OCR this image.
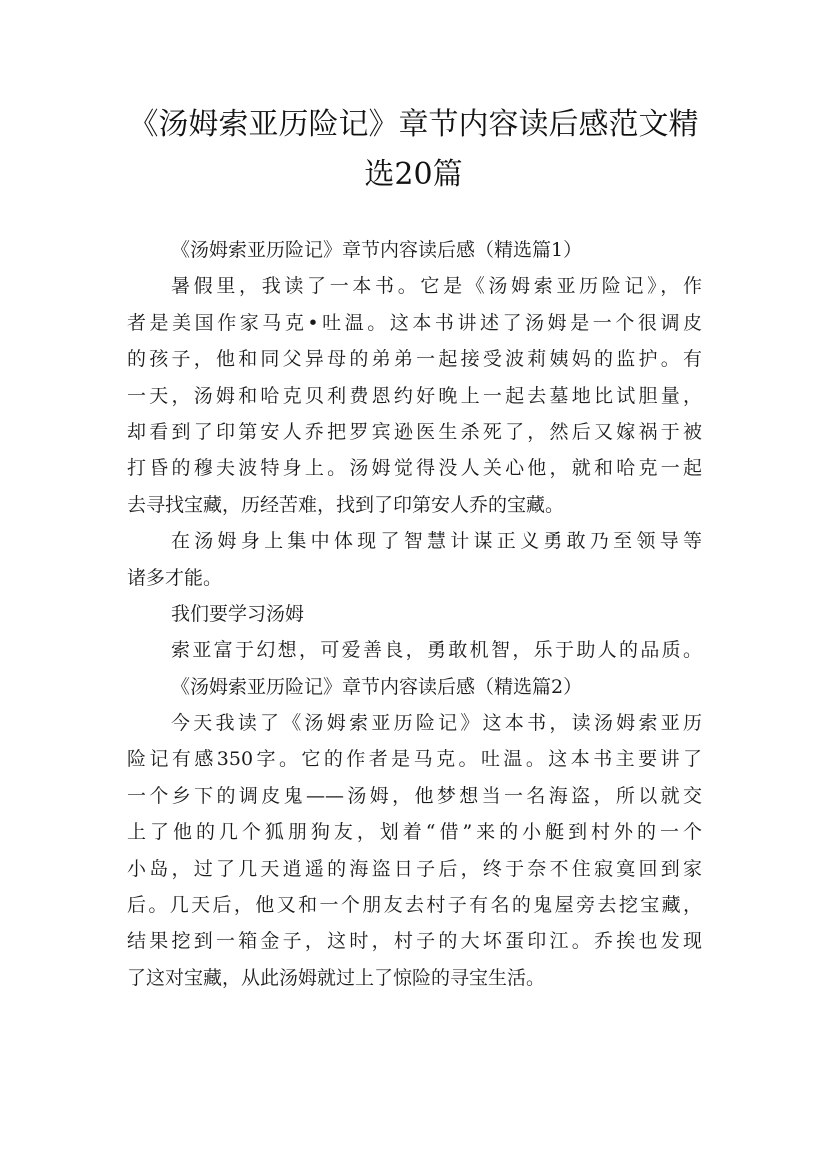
《汤姆索亚历险记》章节内容读后感范文精
选20篇
《汤姆索亚历险记》章节内容读后感（精选篇1）
暑假里，我读了一本书。它是《汤姆索亚历险记》，作
者是美国作家马克•吐温。这本书讲述了汤姆是一个很调皮
的孩子，他和同父异母的弟弟一起接受波莉姨妈的监护。有
一天，汤姆和哈克贝利费恩约好晚上一起去墓地比试胆量，
却看到了印第安人乔把罗宾逊医生杀死了，然后又嫁祸于被
打昏的穆夫波特身上。汤姆觉得没人关心他，就和哈克一起
去寻找宝藏，历经苦难，找到了印第安人乔的宝藏。
在汤姆身上集中体现了智慧计谋正义勇敢乃至领导等
诸多才能。
我们要学习汤姆
索亚富于幻想，可爱善良，勇敢机智，乐于助人的品质。
《汤姆索亚历险记》章节内容读后感（精选篇2）
今天我读了《汤姆索亚历险记》这本书，读汤姆索亚历
险记有感350字。它的作者是马克。吐温。这本书主要讲了
一个乡下的调皮鬼——汤姆，他梦想当一名海盗，所以就交
上了他的几个狐朋狗友，划着“借”来的小艇到村外的一个
小岛，过了几天逍遥的海盗日子后，终于奈不住寂寞回到家
后。几天后，他又和一个朋友去村子有名的鬼屋旁去挖宝藏，
结果挖到一箱金子，这时，村子的大坏蛋印江。乔挨也发现
了这对宝藏，从此汤姆就过上了惊险的寻宝生活。
